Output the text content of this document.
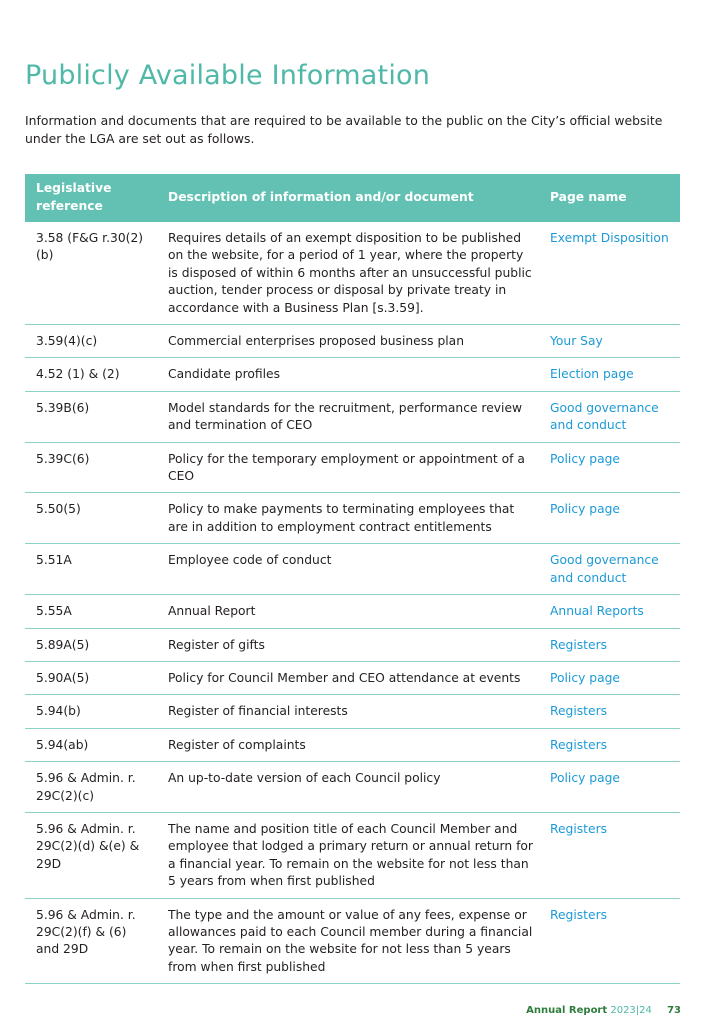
Publicly Available Information

Information and documents that are required to be available to the public on the City’s official website under the LGA are set out as follows.

Legislative reference	Description of information and/or document	Page name
3.58 (F&G r.30(2)(b)	Requires details of an exempt disposition to be published on the website, for a period of 1 year, where the property is disposed of within 6 months after an unsuccessful public auction, tender process or disposal by private treaty in accordance with a Business Plan [s.3.59].	Exempt Disposition
3.59(4)(c)	Commercial enterprises proposed business plan	Your Say
4.52 (1) & (2)	Candidate profiles	Election page
5.39B(6)	Model standards for the recruitment, performance review and termination of CEO	Good governance and conduct
5.39C(6)	Policy for the temporary employment or appointment of a CEO	Policy page
5.50(5)	Policy to make payments to terminating employees that are in addition to employment contract entitlements	Policy page
5.51A	Employee code of conduct	Good governance and conduct
5.55A	Annual Report	Annual Reports
5.89A(5)	Register of gifts	Registers
5.90A(5)	Policy for Council Member and CEO attendance at events	Policy page
5.94(b)	Register of financial interests	Registers
5.94(ab)	Register of complaints	Registers
5.96 & Admin. r. 29C(2)(c)	An up-to-date version of each Council policy	Policy page
5.96 & Admin. r. 29C(2)(d) &(e) & 29D	The name and position title of each Council Member and employee that lodged a primary return or annual return for a financial year. To remain on the website for not less than 5 years from when first published	Registers
5.96 & Admin. r. 29C(2)(f) & (6) and 29D	The type and the amount or value of any fees, expense or allowances paid to each Council member during a financial year. To remain on the website for not less than 5 years from when first published	Registers
Annual Report 2023|24 73
